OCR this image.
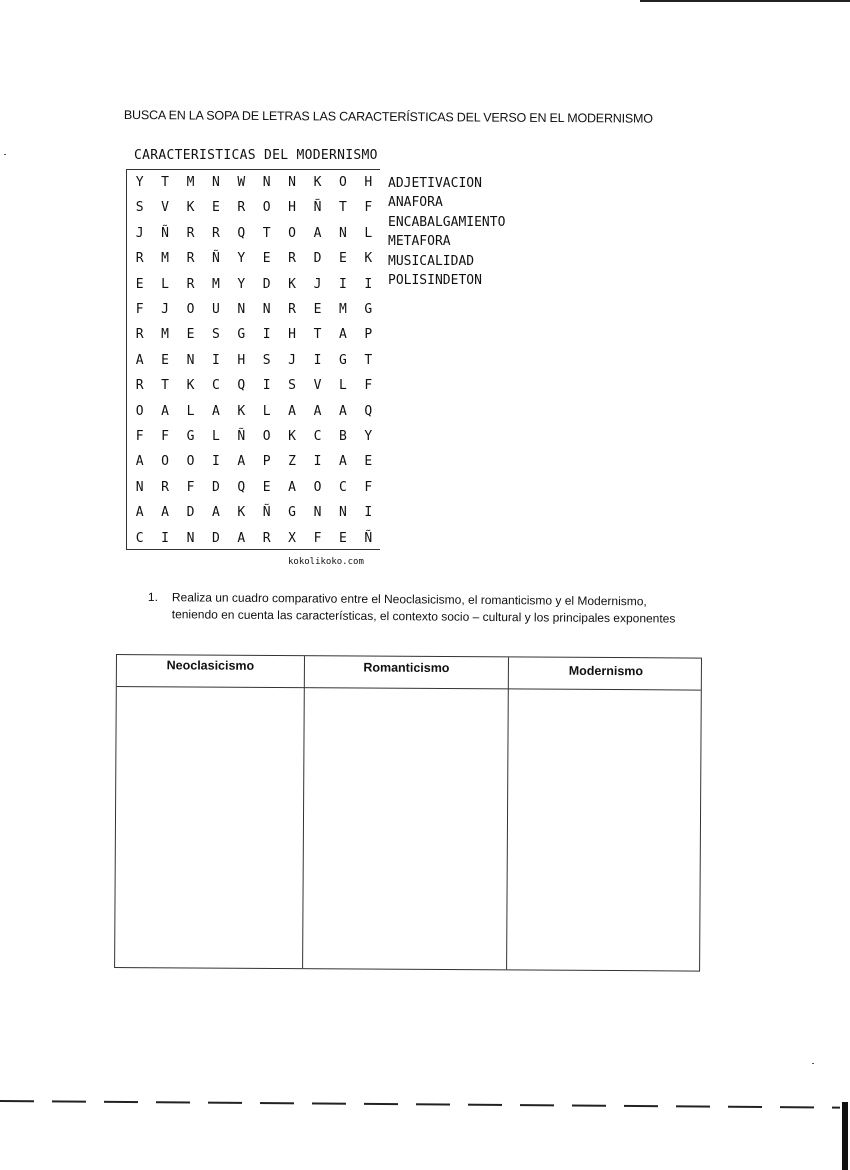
BUSCA EN LA SOPA DE LETRAS LAS CARACTERÍSTICAS DEL VERSO EN EL MODERNISMO
CARACTERISTICAS DEL MODERNISMO
Y	T	M	N	W	N	N	K	O	H
S	V	K	E	R	O	H	Ñ	T	F
J	Ñ	R	R	Q	T	O	A	N	L
R	M	R	Ñ	Y	E	R	D	E	K
E	L	R	M	Y	D	K	J	I	I
F	J	O	U	N	N	R	E	M	G
R	M	E	S	G	I	H	T	A	P
A	E	N	I	H	S	J	I	G	T
R	T	K	C	Q	I	S	V	L	F
O	A	L	A	K	L	A	A	A	Q
F	F	G	L	Ñ	O	K	C	B	Y
A	O	O	I	A	P	Z	I	A	E
N	R	F	D	Q	E	A	O	C	F
A	A	D	A	K	Ñ	G	N	N	I
C	I	N	D	A	R	X	F	E	Ñ
ADJETIVACION
ANAFORA
ENCABALGAMIENTO
METAFORA
MUSICALIDAD
POLISINDETON
kokolikoko.com
1. Realiza un cuadro comparativo entre el Neoclasicismo, el romanticismo y el Modernismo, teniendo en cuenta las características, el contexto socio – cultural y los principales exponentes
Neoclasicismo	Romanticismo	Modernismo
